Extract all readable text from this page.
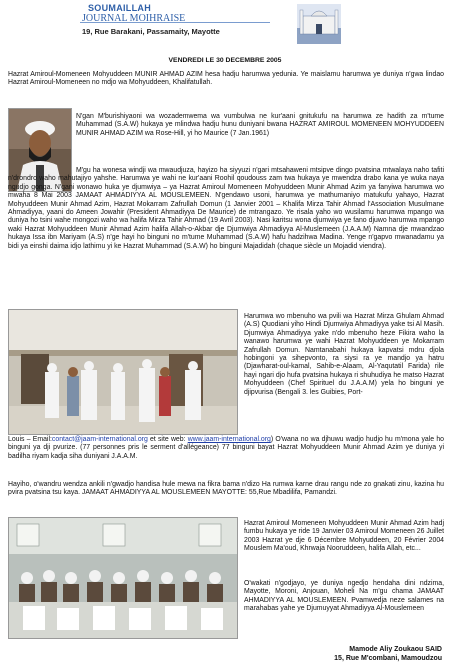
SOUMAILLAH
JOURNAL MOIHRAISE
19, Rue Barakani, Passamaity, Mayotte
VENDREDI LE 30 DECEMBRE 2005
Hazrat Amiroul-Momeneen Mohyuddeen MUNIR AHMAD AZIM hesa hadju harumwa yedunia. Ye maislamu harumwa ye duniya n'gwa lindao Hazrat Amiroul-Momeneen no mdjo wa Mohyuddeen, Khalifatullah.
N'gan M'burishiyaoni wa wozademwema wa vumbulwa ne kur'aani gnitukufu na harumwa ze hadith za m'tume Muhammad (S.A.W) hukaya ye mlindwa hadju hunu duniyani bwana HAZRAT AMIROUL MOMENEEN MOHYUDDEEN MUNIR AHMAD AZIM wa Rose-Hill, yi ho Maurice (7 Jan.1961)
M'gu ha wonesa windji wa mwaudjuza, hayizo ha siyyuzi n'gari mtsahaweni mtsipve dingo pvatsina mtwalaya naho tafiti n'drondro waho mahutajiyo yahshe. Harumwa ye wahi ne kur'aani Roohil qoudouss zam twa hukaya ye mwendza drabo kana ye wuka naya ngudjo gonga. N'gani wonawo huka ye djumwiya – ya Hazrat Amiroul Momeneen Mohyuddeen Munir Ahmad Azim ya fanyiwa harumwa wo mwaha 8 Mai 2003 JAMAAT AHMADIYYA AL MOUSLEMEEN. N'gendawo usoni, harumwa ye mathumaniyo matukufu yahayo, Hazrat Mohyuddeen Munir Ahmad Azim, Hazrat Mokarram Zafrullah Domun (1 Janvier 2001 – Khalifa Mirza Tahir Ahmad l'Association Musulmane Ahmadiyya, yaani do Ameen Jowahir (President Ahmadiyya De Maurice) de mtrangazo. Ye risala yaho wo wusilamu harumwa mpango wa duniya ho tsini wahe mongozi waho wa halifa Mirza Tahir Ahmad (19 Avril 2003). Nasi karitsu wona djumwiya ye fano djuwo harumwa mpango waki Hazrat Mohyuddeen Munir Ahmad Azim halifa Allah-o-Akbar dje Djumwiya Ahmadiyya Al-Muslemeen (J.A.A.M) Namna dje mwandzao hukaya Issa ibn Mariyam (A.S) n'ge hayi ho binguni no m'tume Muhammad (S.A.W) hafu hadzihwa Madina. Yenge n'gapvo mwanadamu ya bidi ya einshi daima idjo lathimu yi ke Hazrat Muhammad (S.A.W) ho binguni Majadidah (chaque siècle un Mojadid viendra).
Harumwa wo mbenuho wa pvili wa Hazrat Mirza Ghulam Ahmad (A.S) Quodiani yiho Hindi Djumwiya Ahmadiyya yake tsi Al Masih. Djumwiya Ahmadiyya yake n'do mbenuho heze Fikira waho la wanawo harumwa ye wahi Hazrat Mohyuddeen ye Mokarram Zafrullah Domun. Namtanabahi hukaya kapvatsi mdru djola hobingoni ya sihepvonto, ra siysi ra ye mandjo ya hatru (Djawharat-oul-kamal, Sahib-e-Alaam, Al-Yaqutatil Farida) rile hayi ngari djo hufa pvatsina hukaya ri shuhudiya he matso Hazrat Mohyuddeen (Chef Spirituel du J.A.A.M) yela ho binguni ye djipvurisa (Bengali 3. les Guibies, Port-
Louis – Email:contact@jaam-international.org et site web: www.jaam-international.org) O'wana no wa djhuwu wadjo hudjo hu m'mona yale ho binguni ya dji pvurize. (77 personnes pris le serment d'allégeance) 77 binguni bayat Hazrat Mohyuddeen Munir Ahmad Azim ye duniya yi badilha riyam kadja siha duniyani J.A.A.M.
Hayiho, o'wandru wendza ankili n'gwadjo handisa hule mewa na fikra bama n'dizo Ha rumwa karne drau rangu nde zo gnakati zinu, kazina hu pvira pvatsina tsu kaya. JAMAAT AHMADIYYA AL MOUSLEMEEN MAYOTTE: 55,Rue Mbadilifa, Pamandzi.
Hazrat Amiroul Momeneen Mohyuddeen Munir Ahmad Azim hadj fumbu hukaya ye ride 19 Janvier 03 Amiroul Momeneen 26 Juillet 2003 Hazrat ye dje 6 Décembre Mohyuddeen, 20 Février 2004 Mouslem Ma'oud, Khrwaja Nooruddeen, halifa Allah, etc...
O'wakati n'godjayo, ye duniya ngedjo hendaha dini ndzima, Mayotte, Moroni, Anjouan, Moheli Na m'gu chama JAMAAT AHMADIYYA AL MOUSLEMEEN. Pvamwedja neze salames na marahabas yahe ye Djumuyyat Ahmadiyya Al-Mouslemeen
Mamode Aliy Zoukaou SAID
15, Rue M'combani, Mamoudzou
